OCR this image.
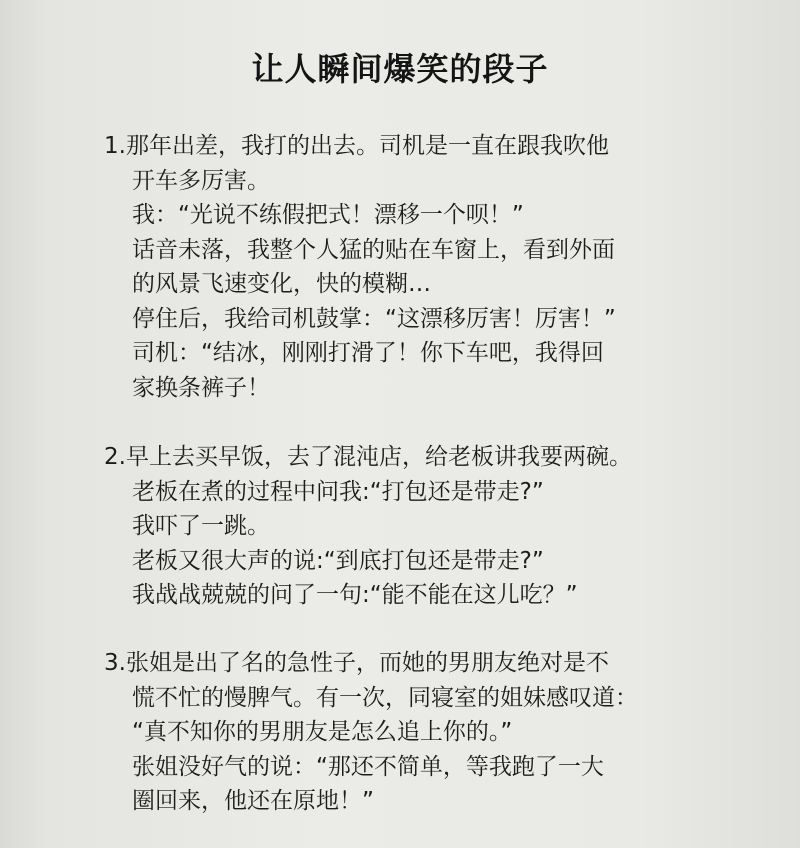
让人瞬间爆笑的段子
1.那年出差，我打的出去。司机是一直在跟我吹他
开车多厉害。
我：“光说不练假把式！漂移一个呗！”
话音未落，我整个人猛的贴在车窗上，看到外面
的风景飞速变化，快的模糊…
停住后，我给司机鼓掌：“这漂移厉害！厉害！”
司机：“结冰，刚刚打滑了！你下车吧，我得回
家换条裤子！
2.早上去买早饭，去了混沌店，给老板讲我要两碗。
老板在煮的过程中问我:“打包还是带走?”
我吓了一跳。
老板又很大声的说:“到底打包还是带走?”
我战战兢兢的问了一句:“能不能在这儿吃？”
3.张姐是出了名的急性子，而她的男朋友绝对是不
慌不忙的慢脾气。有一次，同寝室的姐妹感叹道：
“真不知你的男朋友是怎么追上你的。”
张姐没好气的说：“那还不简单，等我跑了一大
圈回来，他还在原地！”
